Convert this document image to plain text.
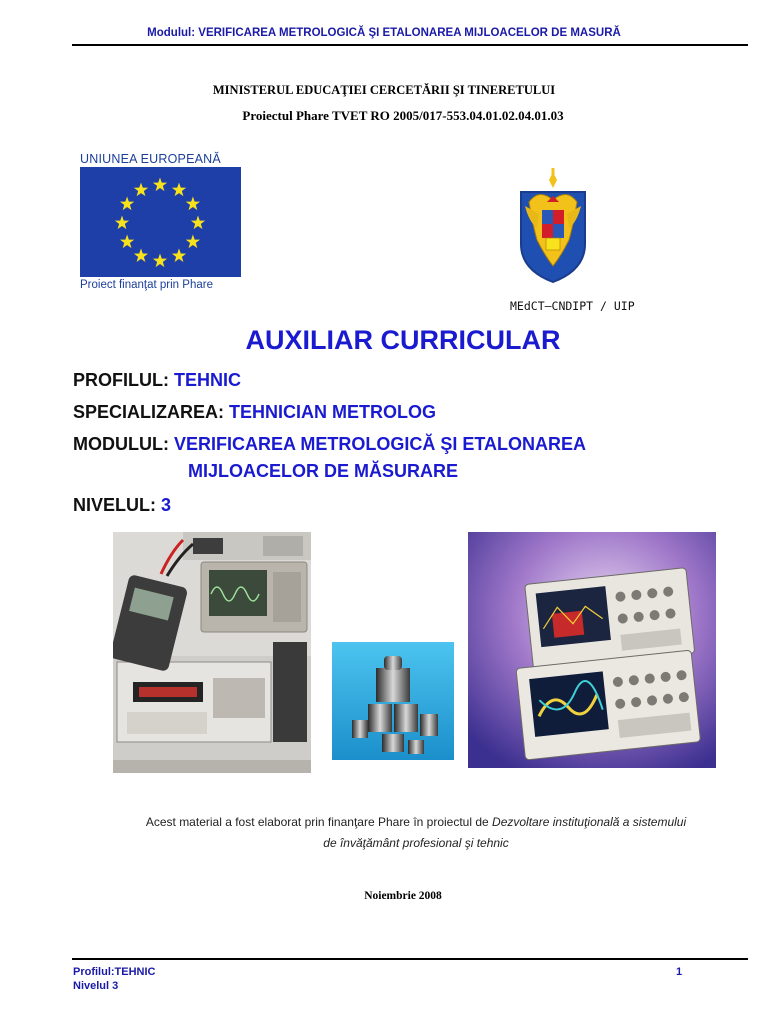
Modulul: VERIFICAREA METROLOGICĂ ŞI ETALONAREA MIJLOACELOR DE MASURĂ
MINISTERUL EDUCAŢIEI CERCETĂRII ŞI TINERETULUI
Proiectul Phare TVET RO 2005/017-553.04.01.02.04.01.03
UNIUNEA EUROPEANĂ
Proiect finanţat prin Phare
MEdCT–CNDIPT / UIP
AUXILIAR CURRICULAR
PROFILUL: TEHNIC
SPECIALIZAREA: TEHNICIAN METROLOG
MODULUL: VERIFICAREA METROLOGICĂ ŞI ETALONAREA
MIJLOACELOR DE MĂSURARE
NIVELUL: 3
Acest material a fost elaborat prin finanţare Phare în proiectul de Dezvoltare instituţională a sistemului
de învăţământ profesional şi tehnic
Noiembrie 2008
Profilul:TEHNIC
Nivelul 3
1
